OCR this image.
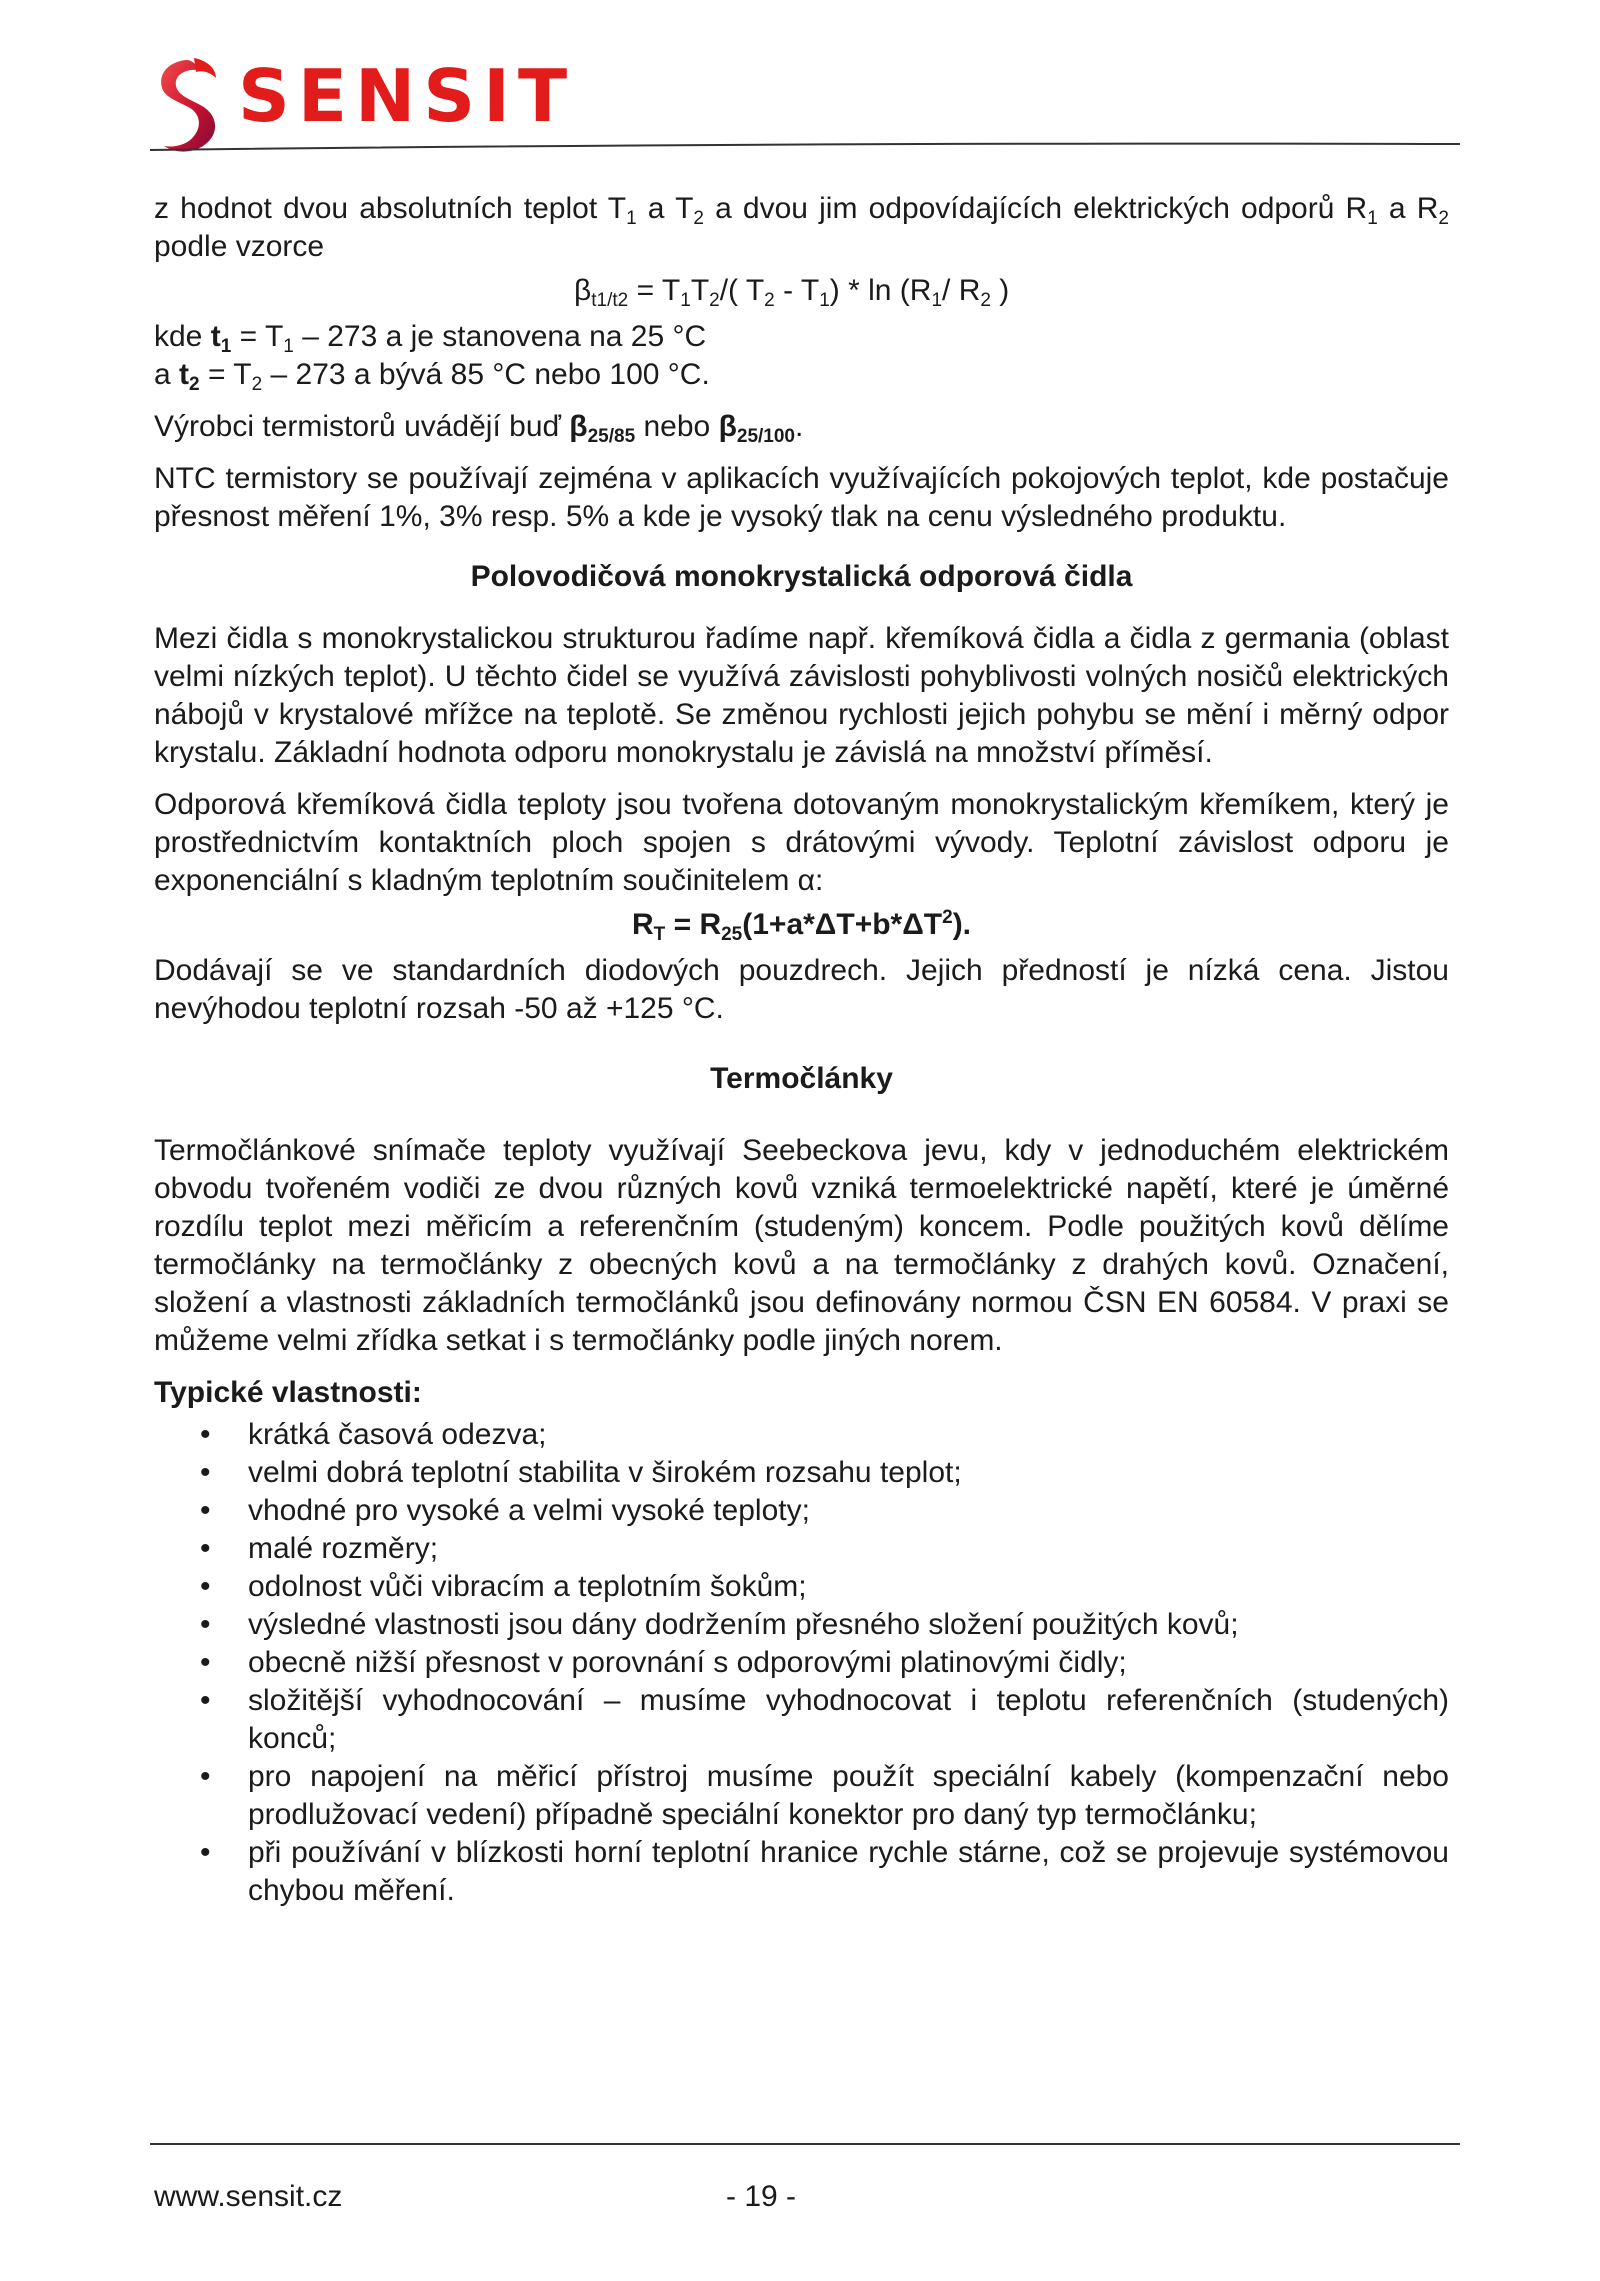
SENSIT

z hodnot dvou absolutních teplot $T_1$ a $T_2$ a dvou jim odpovídajících elektrických odporů $R_1$ a $R_2$ podle vzorce

$\beta_{t1/t2} = T_1T_2/$( $T_2 - T_1$) * $\ln (R_1/$ $R_2$ )

kde $t_1 = T_1 - 273$ a je stanovena na 25 °C

a $t_2 = T_2 - 273$ a bývá 85 °C nebo 100 °C.

Výrobci termistorů uvádějí buď $\beta_{25/85}$ nebo $\beta_{25/100}$.

NTC termistory se používají zejména v aplikacích využívajících pokojových teplot, kde postačuje přesnost měření 1%, 3% resp. 5% a kde je vysoký tlak na cenu výsledného produktu.

Polovodičová monokrystalická odporová čidla

Mezi čidla s monokrystalickou strukturou řadíme např. křemíková čidla a čidla z germania (oblast velmi nízkých teplot). U těchto čidel se využívá závislosti pohyblivosti volných nosičů elektrických nábojů v krystalové mřížce na teplotě. Se změnou rychlosti jejich pohybu se mění i měrný odpor krystalu. Základní hodnota odporu monokrystalu je závislá na množství příměsí.

Odporová křemíková čidla teploty jsou tvořena dotovaným monokrystalickým křemíkem, který je prostřednictvím kontaktních ploch spojen s drátovými vývody. Teplotní závislost odporu je exponenciální s kladným teplotním součinitelem α:

$R_T = R_{25}(1+a*\Delta T+b*\Delta T^2)$.

Dodávají se ve standardních diodových pouzdrech. Jejich předností je nízká cena. Jistou nevýhodou teplotní rozsah -50 až +125 °C.

Termočlánky

Termočlánkové snímače teploty využívají Seebeckova jevu, kdy v jednoduchém elektrickém obvodu tvořeném vodiči ze dvou různých kovů vzniká termoelektrické napětí, které je úměrné rozdílu teplot mezi měřicím a referenčním (studeným) koncem. Podle použitých kovů dělíme termočlánky na termočlánky z obecných kovů a na termočlánky z drahých kovů. Označení, složení a vlastnosti základních termočlánků jsou definovány normou ČSN EN 60584. V praxi se můžeme velmi zřídka setkat i s termočlánky podle jiných norem.

Typické vlastnosti:

• krátká časová odezva;
• velmi dobrá teplotní stabilita v širokém rozsahu teplot;
• vhodné pro vysoké a velmi vysoké teploty;
• malé rozměry;
• odolnost vůči vibracím a teplotním šokům;
• výsledné vlastnosti jsou dány dodržením přesného složení použitých kovů;
• obecně nižší přesnost v porovnání s odporovými platinovými čidly;
• složitější vyhodnocování – musíme vyhodnocovat i teplotu referenčních (studených) konců;
• pro napojení na měřicí přístroj musíme použít speciální kabely (kompenzační nebo prodlužovací vedení) případně speciální konektor pro daný typ termočlánku;
• při používání v blízkosti horní teplotní hranice rychle stárne, což se projevuje systémovou chybou měření.
www.sensit.cz	- 19 -
